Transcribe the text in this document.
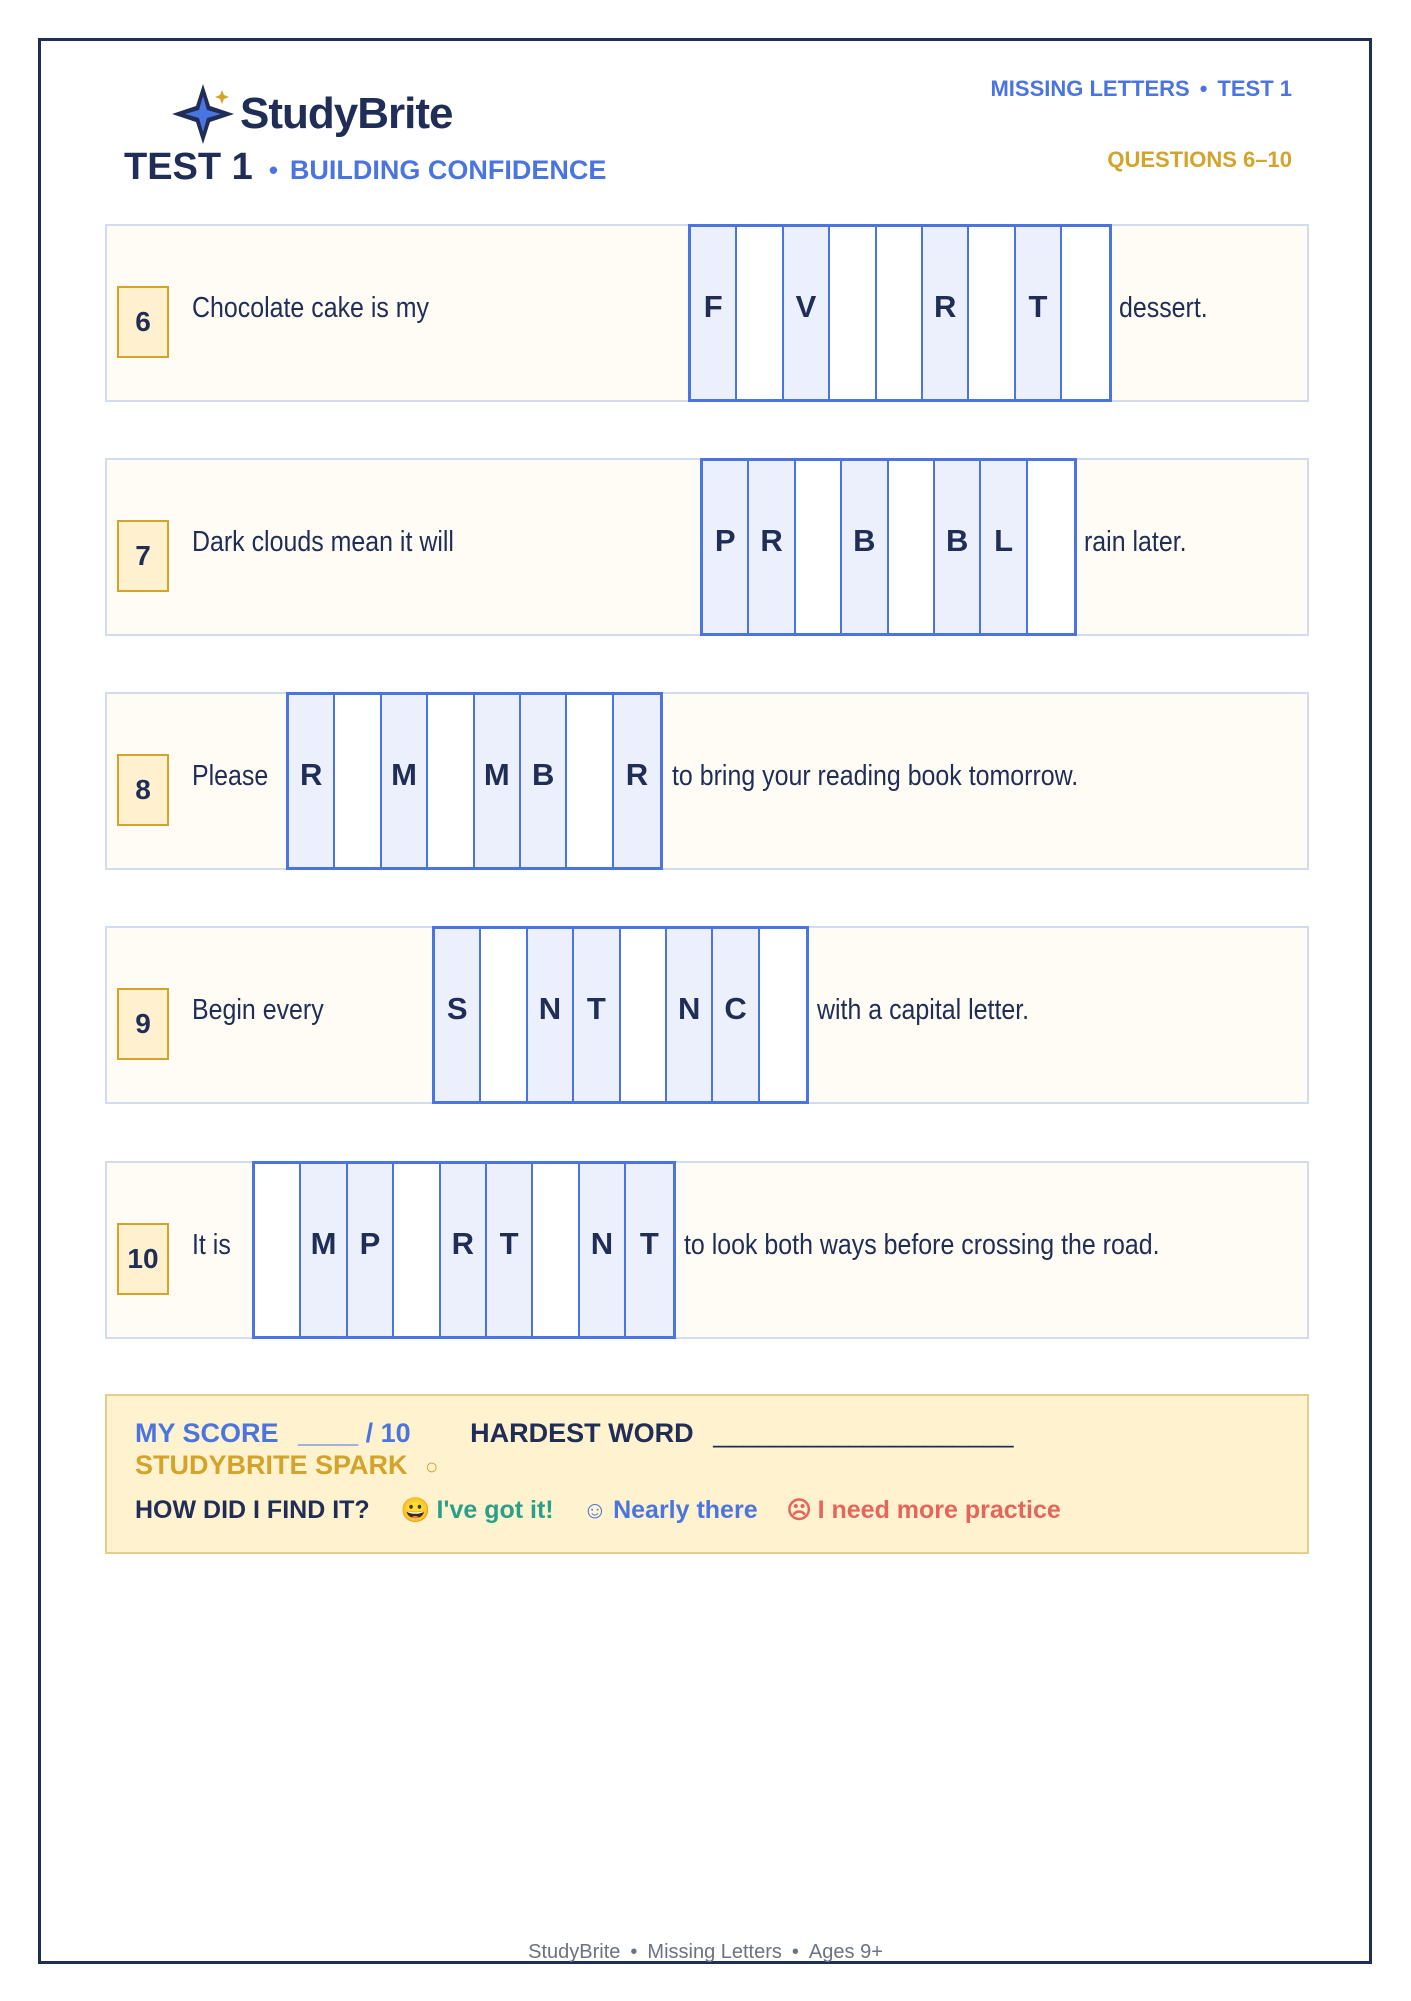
StudyBrite
TEST 1 • BUILDING CONFIDENCE
MISSING LETTERS • TEST 1
QUESTIONS 6–10
6	Chocolate cake is my	F	V	R	T	dessert.
7	Dark clouds mean it will	P R	B	B L	rain later.
8	Please	R	M	M B	R to bring your reading book tomorrow.
9	Begin every	S	N T	N C	with a capital letter.
10	It is	M P	R T	N T to look both ways before crossing the road.
MY SCORE ____ / 10 HARDEST WORD ____________________
STUDYBRITE SPARK ○
HOW DID I FIND IT? 😀 I've got it! ☺ Nearly there ☹ I need more practice
StudyBrite • Missing Letters • Ages 9+
